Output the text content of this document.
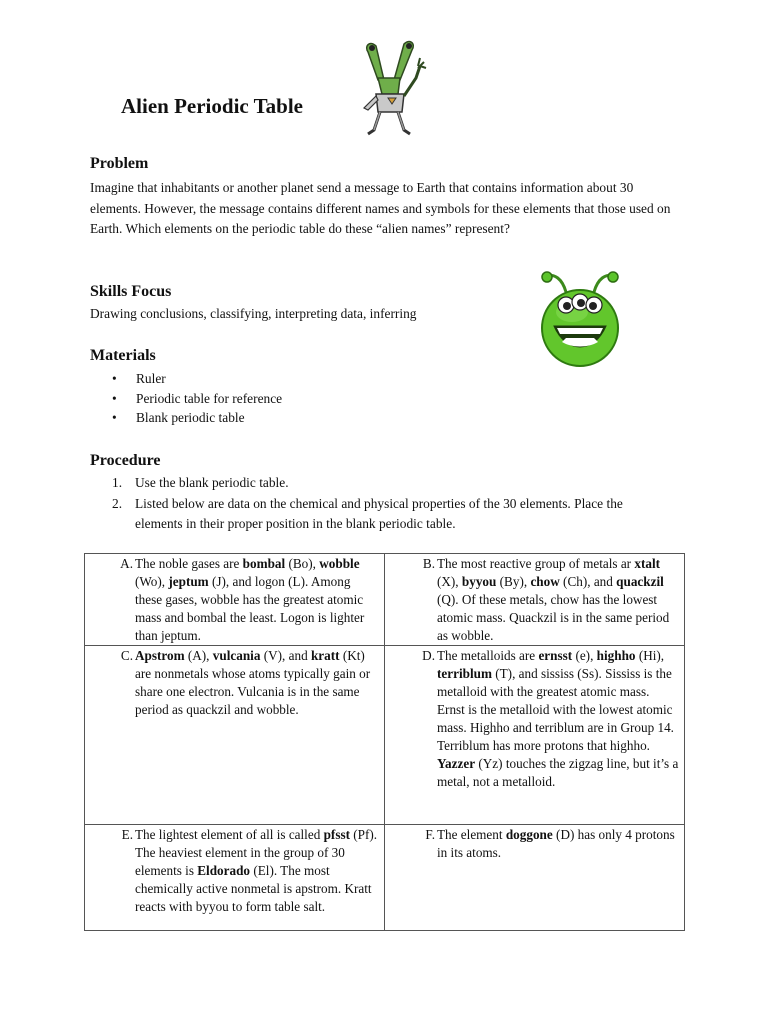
Alien Periodic Table
Problem
Imagine that inhabitants or another planet send a message to Earth that contains information about 30 elements. However, the message contains different names and symbols for these elements that those used on Earth. Which elements on the periodic table do these “alien names” represent?
Skills Focus
Drawing conclusions, classifying, interpreting data, inferring
Materials
• Ruler
• Periodic table for reference
• Blank periodic table
Procedure
1. Use the blank periodic table.
2. Listed below are data on the chemical and physical properties of the 30 elements. Place the elements in their proper position in the blank periodic table.
A. The noble gases are bombal (Bo), wobble (Wo), jeptum (J), and logon (L). Among these gases, wobble has the greatest atomic mass and bombal the least. Logon is lighter than jeptum.	B. The most reactive group of metals ar xtalt (X), byyou (By), chow (Ch), and quackzil (Q). Of these metals, chow has the lowest atomic mass. Quackzil is in the same period as wobble.

C. Apstrom (A), vulcania (V), and kratt (Kt) are nonmetals whose atoms typically gain or share one electron. Vulcania is in the same period as quackzil and wobble.	D. The metalloids are ernsst (e), highho (Hi), terriblum (T), and sississ (Ss). Sississ is the metalloid with the greatest atomic mass. Ernst is the metalloid with the lowest atomic mass. Highho and terriblum are in Group 14. Terriblum has more protons that highho. Yazzer (Yz) touches the zigzag line, but it’s a metal, not a metalloid.

E. The lightest element of all is called pfsst (Pf). The heaviest element in the group of 30 elements is Eldorado (El). The most chemically active nonmetal is apstrom. Kratt reacts with byyou to form table salt.	F. The element doggone (D) has only 4 protons in its atoms.
